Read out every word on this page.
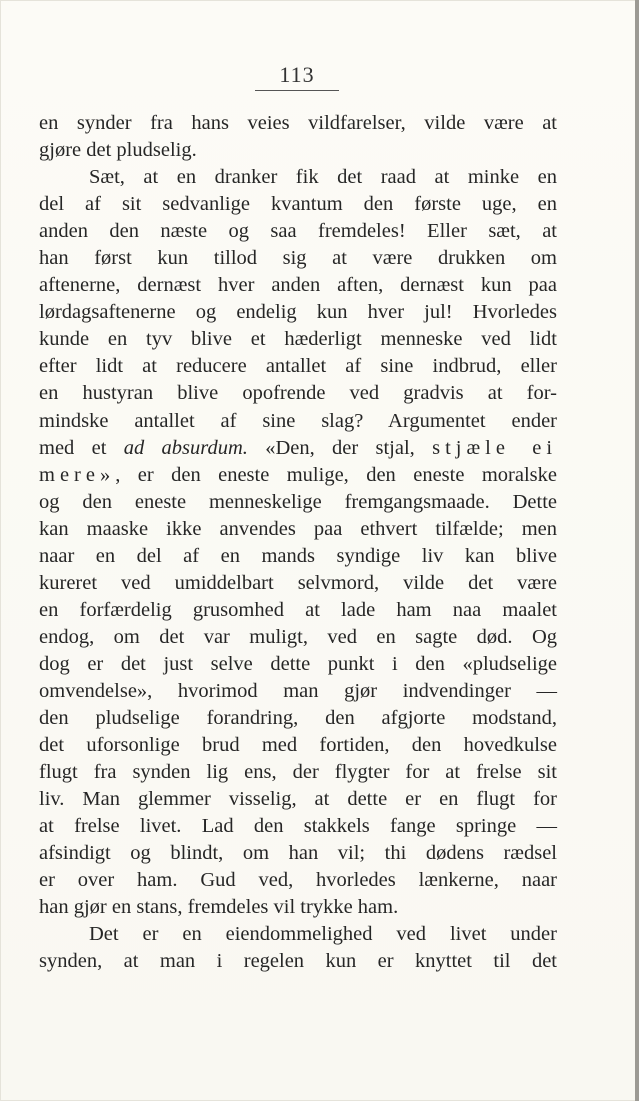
113
en synder fra hans veies vildfarelser, vilde være at
gjøre det pludselig.
Sæt, at en dranker fik det raad at minke en
del af sit sedvanlige kvantum den første uge, en
anden den næste og saa fremdeles! Eller sæt, at
han først kun tillod sig at være drukken om
aftenerne, dernæst hver anden aften, dernæst kun paa
lørdagsaftenerne og endelig kun hver jul! Hvorledes
kunde en tyv blive et hæderligt menneske ved lidt
efter lidt at reducere antallet af sine indbrud, eller
en hustyran blive opofrende ved gradvis at for-
mindske antallet af sine slag? Argumentet ender
med et ad absurdum. «Den, der stjal, stjæle ei
mere», er den eneste mulige, den eneste moralske
og den eneste menneskelige fremgangsmaade. Dette
kan maaske ikke anvendes paa ethvert tilfælde; men
naar en del af en mands syndige liv kan blive
kureret ved umiddelbart selvmord, vilde det være
en forfærdelig grusomhed at lade ham naa maalet
endog, om det var muligt, ved en sagte død. Og
dog er det just selve dette punkt i den «pludselige
omvendelse», hvorimod man gjør indvendinger —
den pludselige forandring, den afgjorte modstand,
det uforsonlige brud med fortiden, den hovedkulse
flugt fra synden lig ens, der flygter for at frelse sit
liv. Man glemmer visselig, at dette er en flugt for
at frelse livet. Lad den stakkels fange springe —
afsindigt og blindt, om han vil; thi dødens rædsel
er over ham. Gud ved, hvorledes lænkerne, naar
han gjør en stans, fremdeles vil trykke ham.
Det er en eiendommelighed ved livet under
synden, at man i regelen kun er knyttet til det
